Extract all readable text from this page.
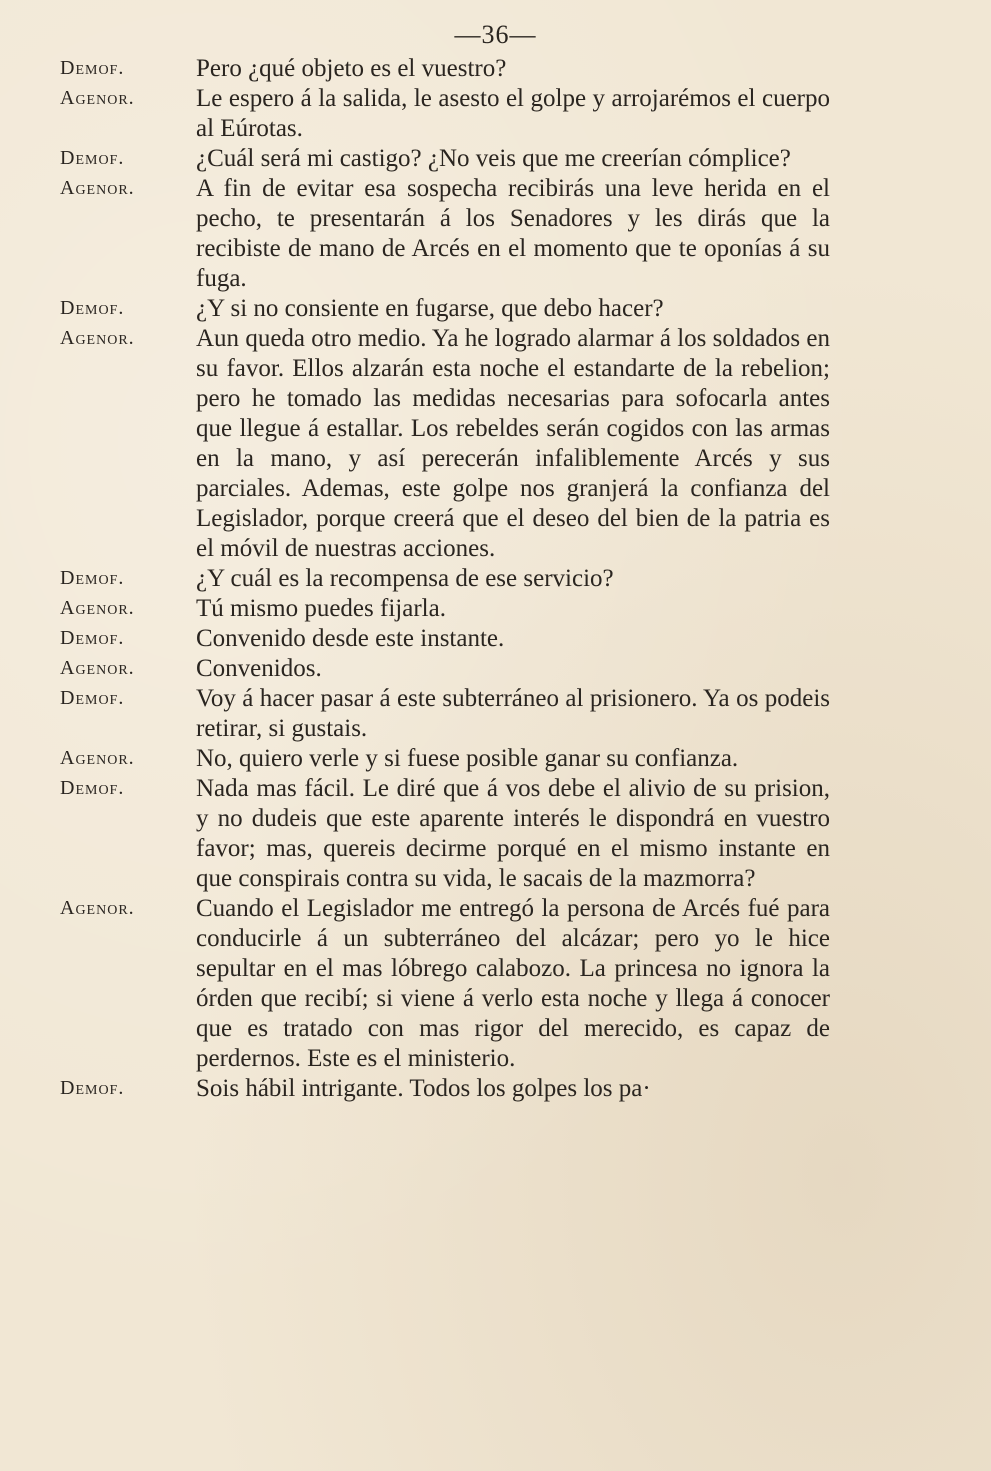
—36—
Demof.	Pero ¿qué objeto es el vuestro?
Agenor.	Le espero á la salida, le asesto el golpe y arrojarémos el cuerpo al Eúrotas.
Demof.	¿Cuál será mi castigo? ¿No veis que me creerían cómplice?
Agenor.	A fin de evitar esa sospecha recibirás una leve herida en el pecho, te presentarán á los Senadores y les dirás que la recibiste de mano de Arcés en el momento que te oponías á su fuga.
Demof.	¿Y si no consiente en fugarse, que debo hacer?
Agenor.	Aun queda otro medio. Ya he logrado alarmar á los soldados en su favor. Ellos alzarán esta noche el estandarte de la rebelion; pero he tomado las medidas necesarias para sofocarla antes que llegue á estallar. Los rebeldes serán cogidos con las armas en la mano, y así perecerán infaliblemente Arcés y sus parciales. Ademas, este golpe nos granjerá la confianza del Legislador, porque creerá que el deseo del bien de la patria es el móvil de nuestras acciones.
Demof.	¿Y cuál es la recompensa de ese servicio?
Agenor.	Tú mismo puedes fijarla.
Demof.	Convenido desde este instante.
Agenor.	Convenidos.
Demof.	Voy á hacer pasar á este subterráneo al prisionero. Ya os podeis retirar, si gustais.
Agenor.	No, quiero verle y si fuese posible ganar su confianza.
Demof.	Nada mas fácil. Le diré que á vos debe el alivio de su prision, y no dudeis que este aparente interés le dispondrá en vuestro favor; mas, quereis decirme porqué en el mismo instante en que conspirais contra su vida, le sacais de la mazmorra?
Agenor.	Cuando el Legislador me entregó la persona de Arcés fué para conducirle á un subterráneo del alcázar; pero yo le hice sepultar en el mas lóbrego calabozo. La princesa no ignora la órden que recibí; si viene á verlo esta noche y llega á conocer que es tratado con mas rigor del merecido, es capaz de perdernos. Este es el ministerio.
Demof.	Sois hábil intrigante. Todos los golpes los pa·
